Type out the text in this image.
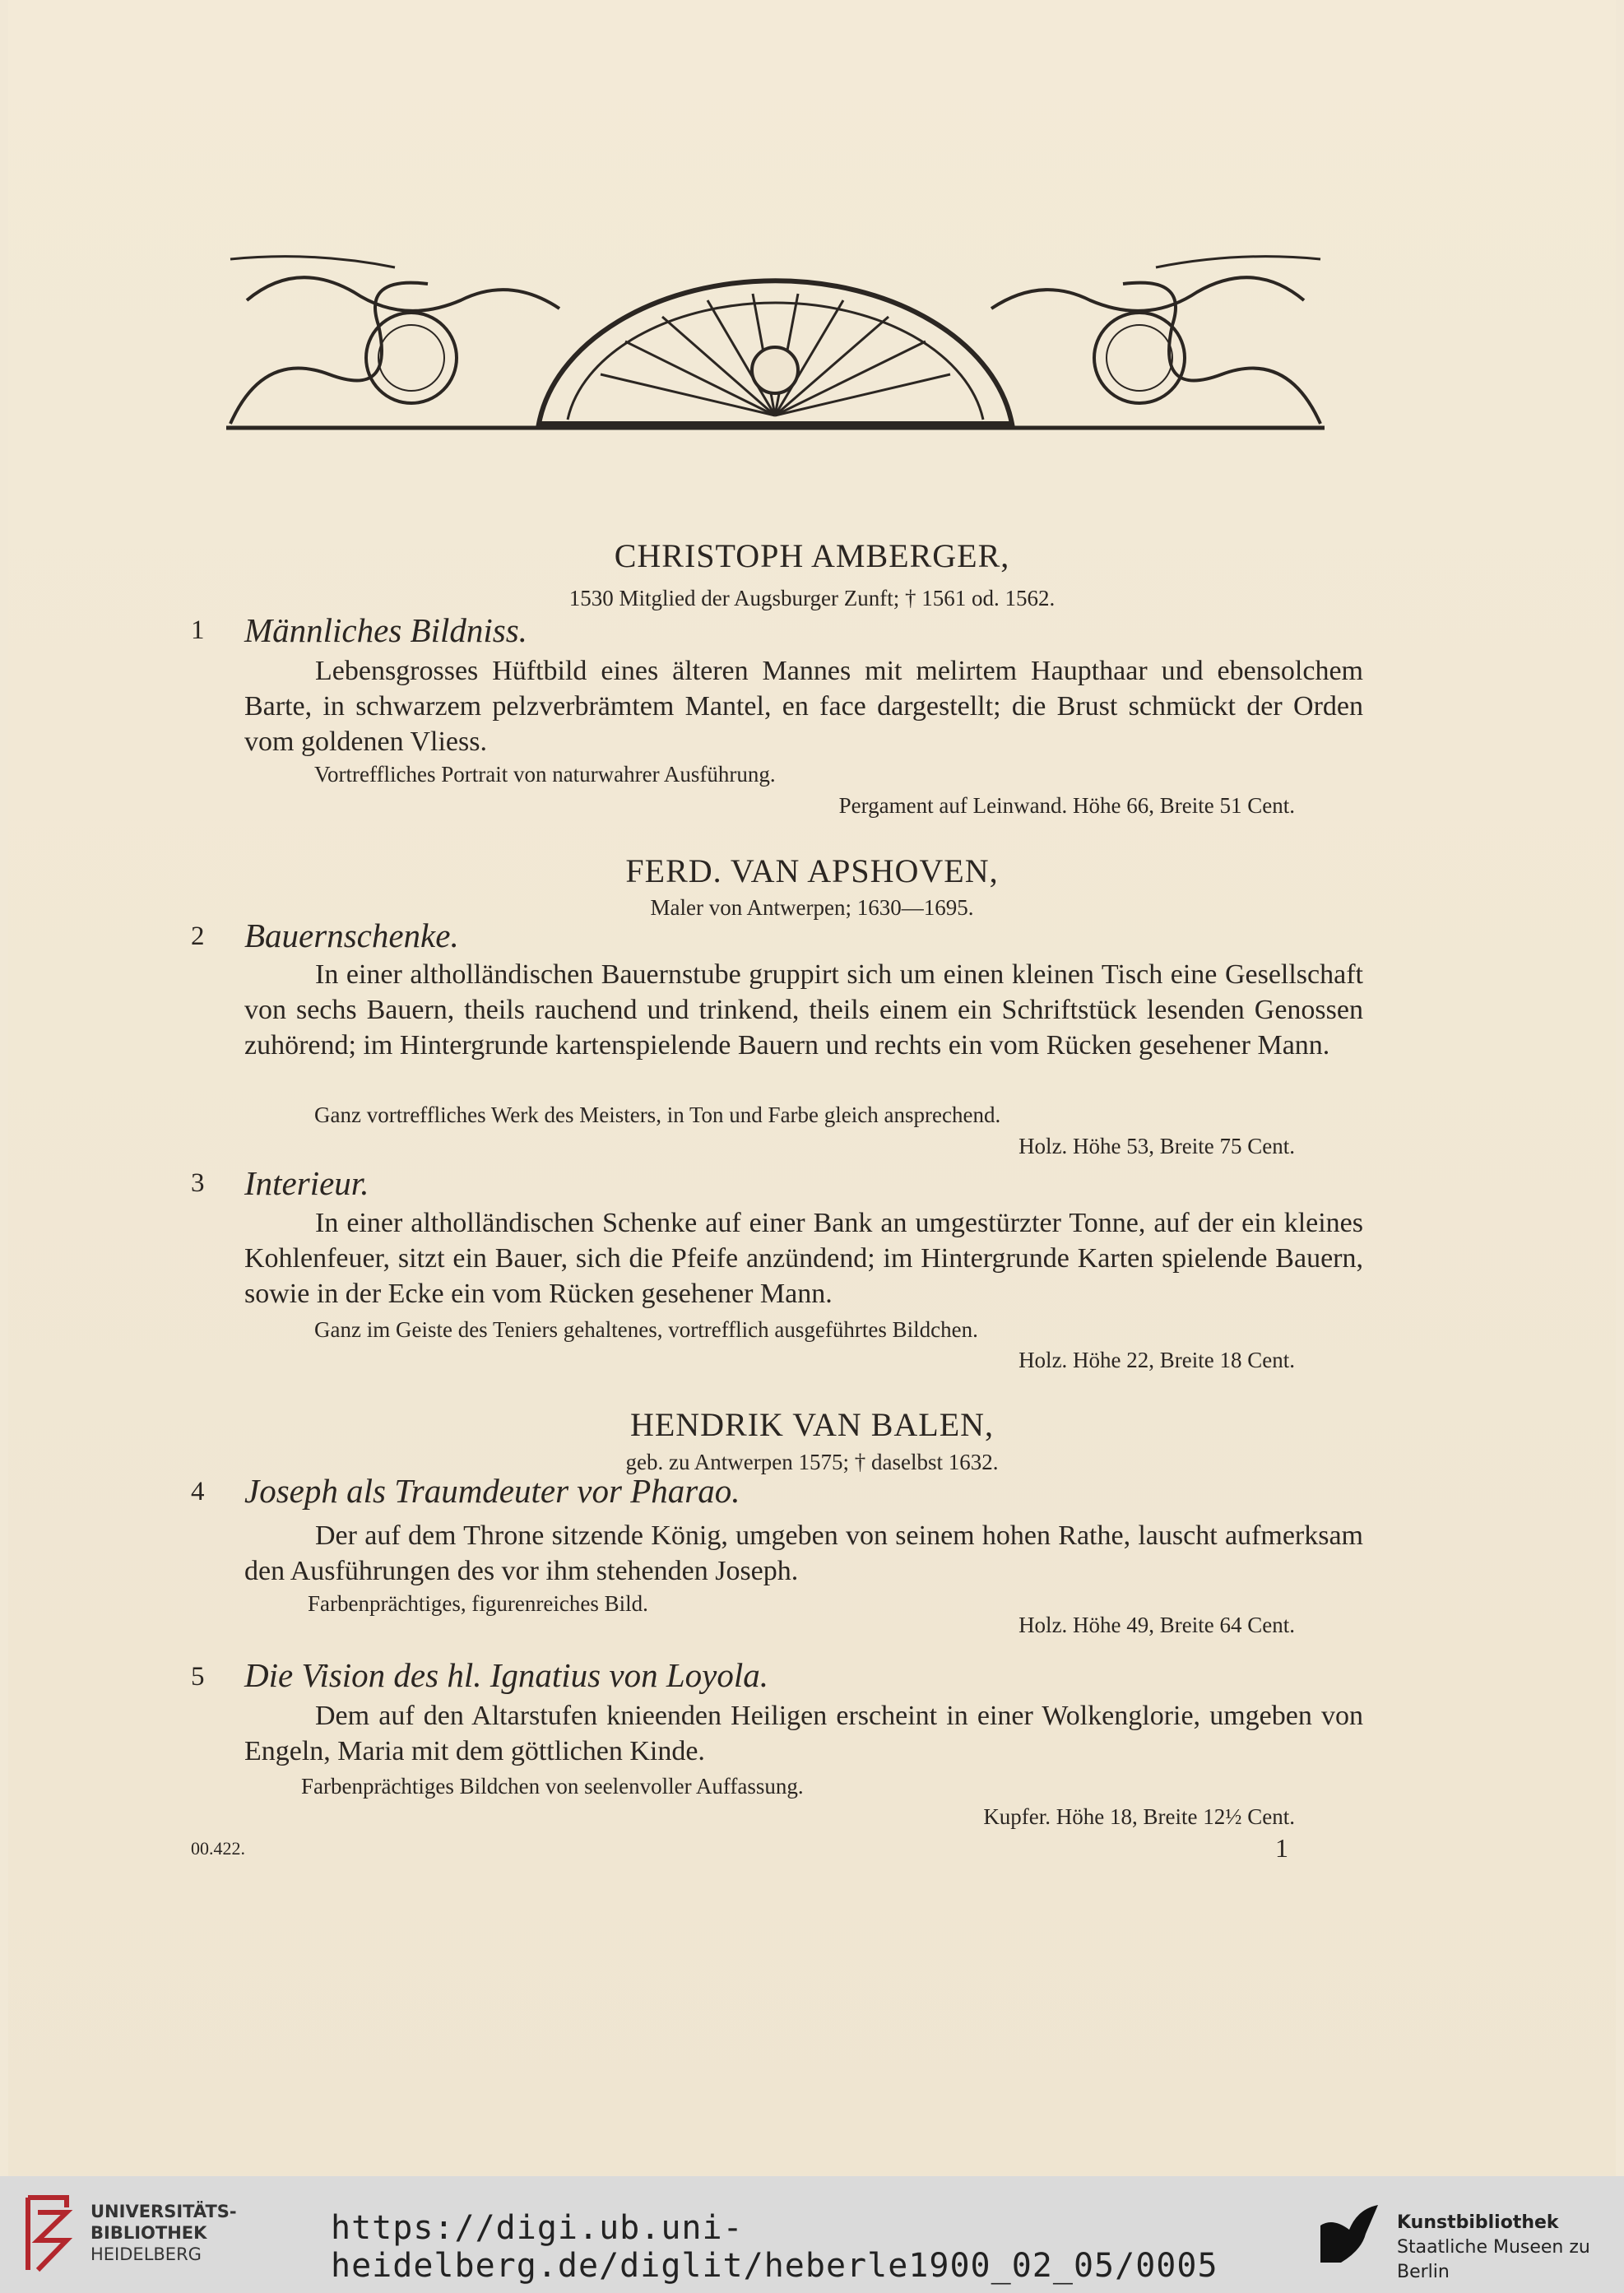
CHRISTOPH AMBERGER,
1530 Mitglied der Augsburger Zunft; † 1561 od. 1562.
1 Männliches Bildniss.
Lebensgrosses Hüftbild eines älteren Mannes mit melirtem Haupthaar und ebensolchem Barte, in schwarzem pelzverbrämtem Mantel, en face dargestellt; die Brust schmückt der Orden vom goldenen Vliess.
Vortreffliches Portrait von naturwahrer Ausführung.
Pergament auf Leinwand. Höhe 66, Breite 51 Cent.
FERD. VAN APSHOVEN,
Maler von Antwerpen; 1630—1695.
2 Bauernschenke.
In einer altholländischen Bauernstube gruppirt sich um einen kleinen Tisch eine Gesellschaft von sechs Bauern, theils rauchend und trinkend, theils einem ein Schriftstück lesenden Genossen zuhörend; im Hintergrunde kartenspielende Bauern und rechts ein vom Rücken gesehener Mann.
Ganz vortreffliches Werk des Meisters, in Ton und Farbe gleich ansprechend.
Holz. Höhe 53, Breite 75 Cent.
3 Interieur.
In einer altholländischen Schenke auf einer Bank an umgestürzter Tonne, auf der ein kleines Kohlenfeuer, sitzt ein Bauer, sich die Pfeife anzündend; im Hintergrunde Karten spielende Bauern, sowie in der Ecke ein vom Rücken gesehener Mann.
Ganz im Geiste des Teniers gehaltenes, vortrefflich ausgeführtes Bildchen.
Holz. Höhe 22, Breite 18 Cent.
HENDRIK VAN BALEN,
geb. zu Antwerpen 1575; † daselbst 1632.
4 Joseph als Traumdeuter vor Pharao.
Der auf dem Throne sitzende König, umgeben von seinem hohen Rathe, lauscht aufmerksam den Ausführungen des vor ihm stehenden Joseph.
Farbenprächtiges, figurenreiches Bild.
Holz. Höhe 49, Breite 64 Cent.
5 Die Vision des hl. Ignatius von Loyola.
Dem auf den Altarstufen knieenden Heiligen erscheint in einer Wolkenglorie, umgeben von Engeln, Maria mit dem göttlichen Kinde.
Farbenprächtiges Bildchen von seelenvoller Auffassung.
Kupfer. Höhe 18, Breite 12½ Cent.
00.422.	1
UNIVERSITÄTS-
BIBLIOTHEK
HEIDELBERG
https://digi.ub.uni-heidelberg.de/diglit/heberle1900_02_05/0005
Kunstbibliothek
Staatliche Museen zu Berlin
